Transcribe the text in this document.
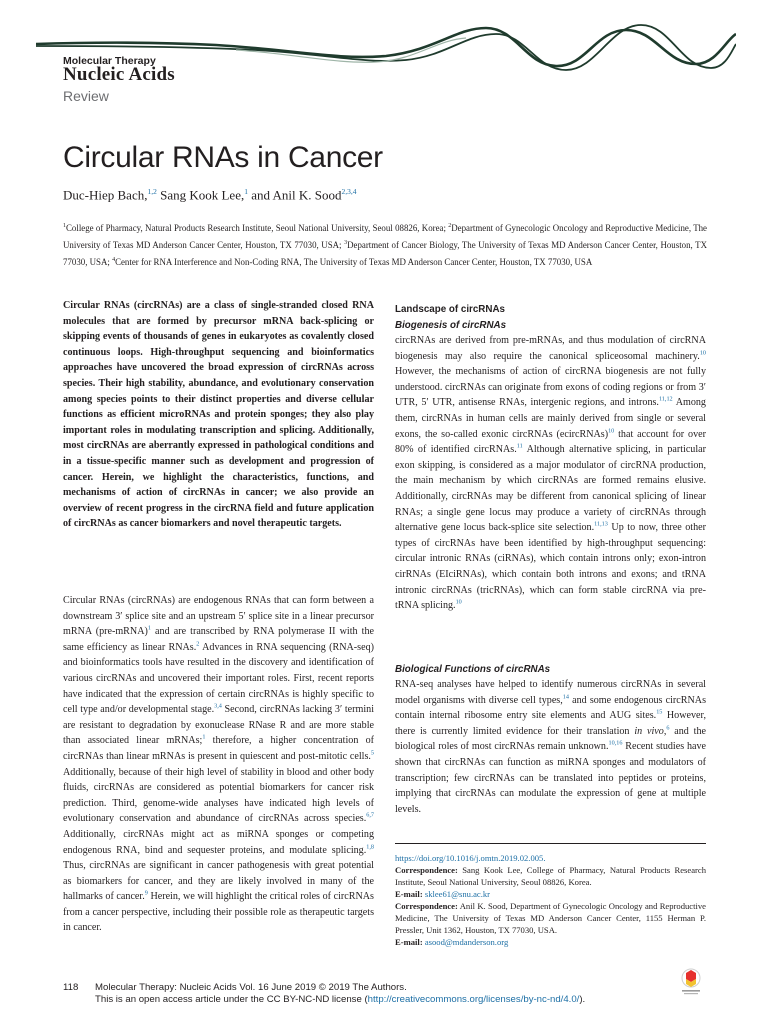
Molecular Therapy
Nucleic Acids
Review
Circular RNAs in Cancer
Duc-Hiep Bach,$^{1,2}$ Sang Kook Lee,$^1$ and Anil K. Sood$^{2,3,4}$

$^1$College of Pharmacy, Natural Products Research Institute, Seoul National University, Seoul 08826, Korea; $^2$Department of Gynecologic Oncology and Reproductive Medicine, The University of Texas MD Anderson Cancer Center, Houston, TX 77030, USA; $^3$Department of Cancer Biology, The University of Texas MD Anderson Cancer Center, Houston, TX 77030, USA; $^4$Center for RNA Interference and Non-Coding RNA, The University of Texas MD Anderson Cancer Center, Houston, TX 77030, USA

Circular RNAs (circRNAs) are a class of single-stranded closed RNA molecules that are formed by precursor mRNA back-splicing or skipping events of thousands of genes in eukaryotes as covalently closed continuous loops. High-throughput sequencing and bioinformatics approaches have uncovered the broad expression of circRNAs across species. Their high stability, abundance, and evolutionary conservation among species points to their distinct properties and diverse cellular functions as efficient microRNAs and protein sponges; they also play important roles in modulating transcription and splicing. Additionally, most circRNAs are aberrantly expressed in pathological conditions and in a tissue-specific manner such as development and progression of cancer. Herein, we highlight the characteristics, functions, and mechanisms of action of circRNAs in cancer; we also provide an overview of recent progress in the circRNA field and future application of circRNAs as cancer biomarkers and novel therapeutic targets.

Circular RNAs (circRNAs) are endogenous RNAs that can form between a downstream 3′ splice site and an upstream 5′ splice site in a linear precursor mRNA (pre-mRNA)$^1$ and are transcribed by RNA polymerase II with the same efficiency as linear RNAs.$^2$ Advances in RNA sequencing (RNA-seq) and bioinformatics tools have resulted in the discovery and identification of various circRNAs and uncovered their important roles. First, recent reports have indicated that the expression of certain circRNAs is highly specific to cell type and/or developmental stage.$^{3,4}$ Second, circRNAs lacking 3′ termini are resistant to degradation by exonuclease RNase R and are more stable than associated linear mRNAs;$^1$ therefore, a higher concentration of circRNAs than linear mRNAs is present in quiescent and post-mitotic cells.$^5$ Additionally, because of their high level of stability in blood and other body fluids, circRNAs are considered as potential biomarkers for cancer risk prediction. Third, genome-wide analyses have indicated high levels of evolutionary conservation and abundance of circRNAs across species.$^{6,7}$ Additionally, circRNAs might act as miRNA sponges or competing endogenous RNA, bind and sequester proteins, and modulate splicing.$^{1,8}$ Thus, circRNAs are significant in cancer pathogenesis with great potential as biomarkers for cancer, and they are likely involved in many of the hallmarks of cancer.$^9$ Herein, we will highlight the critical roles of circRNAs from a cancer perspective, including their possible role as therapeutic targets in cancer.

Landscape of circRNAs
Biogenesis of circRNAs

circRNAs are derived from pre-mRNAs, and thus modulation of circRNA biogenesis may also require the canonical spliceosomal machinery.$^{10}$ However, the mechanisms of action of circRNA biogenesis are not fully understood. circRNAs can originate from exons of coding regions or from 3′ UTR, 5′ UTR, antisense RNAs, intergenic regions, and introns.$^{11,12}$ Among them, circRNAs in human cells are mainly derived from single or several exons, the so-called exonic circRNAs (ecircRNAs)$^{10}$ that account for over 80% of identified circRNAs.$^{11}$ Although alternative splicing, in particular exon skipping, is considered as a major modulator of circRNA production, the main mechanism by which circRNAs are formed remains elusive. Additionally, circRNAs may be different from canonical splicing of linear RNAs; a single gene locus may produce a variety of circRNAs through alternative gene locus back-splice site selection.$^{11,13}$ Up to now, three other types of circRNAs have been identified by high-throughput sequencing: circular intronic RNAs (ciRNAs), which contain introns only; exon-intron cirRNAs (EIciRNAs), which contain both introns and exons; and tRNA intronic circRNAs (tricRNAs), which can form stable circRNA via pre-tRNA splicing.$^{10}$

Biological Functions of circRNAs

RNA-seq analyses have helped to identify numerous circRNAs in several model organisms with diverse cell types,$^{14}$ and some endogenous circRNAs contain internal ribosome entry site elements and AUG sites.$^{15}$ However, there is currently limited evidence for their translation in vivo,$^6$ and the biological roles of most circRNAs remain unknown.$^{10,16}$ Recent studies have shown that circRNAs can function as miRNA sponges and modulators of transcription; few circRNAs can be translated into peptides or proteins, implying that circRNAs can modulate the expression of gene at multiple levels.

https://doi.org/10.1016/j.omtn.2019.02.005.

Correspondence: Sang Kook Lee, College of Pharmacy, Natural Products Research Institute, Seoul National University, Seoul 08826, Korea.

E-mail: sklee61@snu.ac.kr

Correspondence: Anil K. Sood, Department of Gynecologic Oncology and Reproductive Medicine, The University of Texas MD Anderson Cancer Center, 1155 Herman P. Pressler, Unit 1362, Houston, TX 77030, USA.

E-mail: asood@mdanderson.org

118 Molecular Therapy: Nucleic Acids Vol. 16 June 2019 © 2019 The Authors.
This is an open access article under the CC BY-NC-ND license (http://creativecommons.org/licenses/by-nc-nd/4.0/).
